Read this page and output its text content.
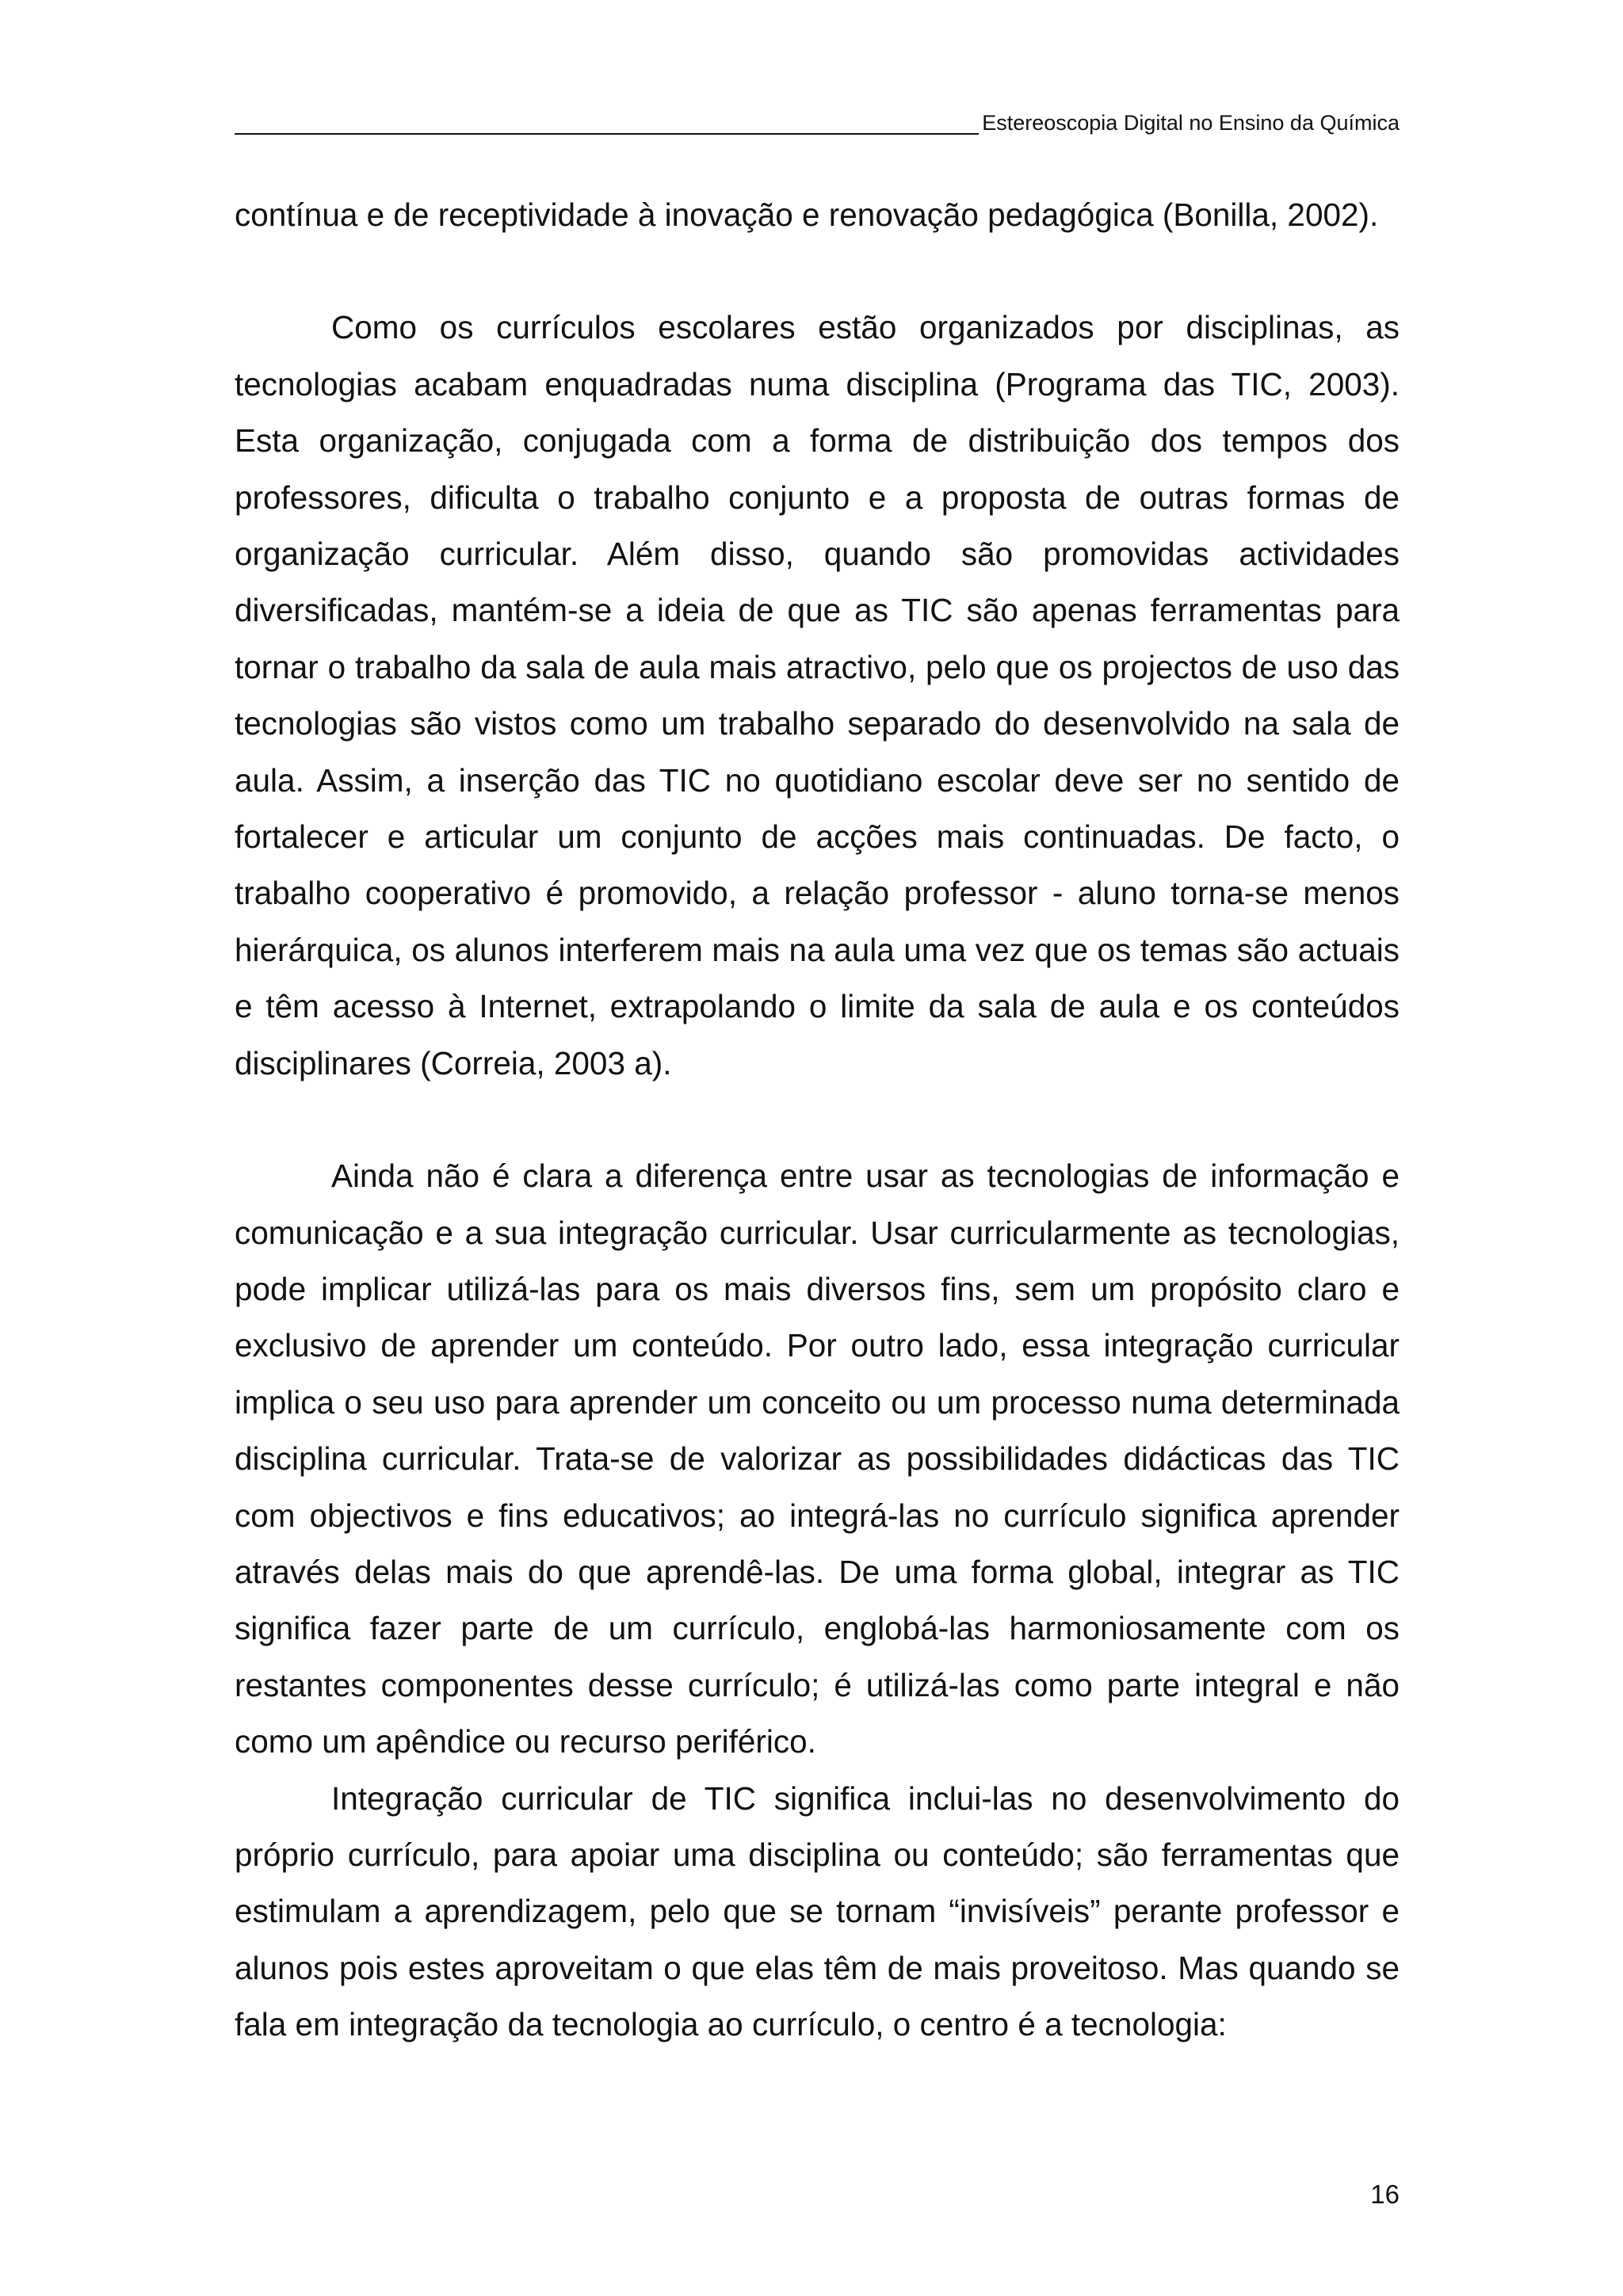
Estereoscopia Digital no Ensino da Química

contínua e de receptividade à inovação e renovação pedagógica (Bonilla, 2002).

Como os currículos escolares estão organizados por disciplinas, as tecnologias acabam enquadradas numa disciplina (Programa das TIC, 2003). Esta organização, conjugada com a forma de distribuição dos tempos dos professores, dificulta o trabalho conjunto e a proposta de outras formas de organização curricular. Além disso, quando são promovidas actividades diversificadas, mantém-se a ideia de que as TIC são apenas ferramentas para tornar o trabalho da sala de aula mais atractivo, pelo que os projectos de uso das tecnologias são vistos como um trabalho separado do desenvolvido na sala de aula. Assim, a inserção das TIC no quotidiano escolar deve ser no sentido de fortalecer e articular um conjunto de acções mais continuadas. De facto, o trabalho cooperativo é promovido, a relação professor - aluno torna-se menos hierárquica, os alunos interferem mais na aula uma vez que os temas são actuais e têm acesso à Internet, extrapolando o limite da sala de aula e os conteúdos disciplinares (Correia, 2003 a).

Ainda não é clara a diferença entre usar as tecnologias de informação e comunicação e a sua integração curricular. Usar curricularmente as tecnologias, pode implicar utilizá-las para os mais diversos fins, sem um propósito claro e exclusivo de aprender um conteúdo. Por outro lado, essa integração curricular implica o seu uso para aprender um conceito ou um processo numa determinada disciplina curricular. Trata-se de valorizar as possibilidades didácticas das TIC com objectivos e fins educativos; ao integrá-las no currículo significa aprender através delas mais do que aprendê-las. De uma forma global, integrar as TIC significa fazer parte de um currículo, englobá-las harmoniosamente com os restantes componentes desse currículo; é utilizá-las como parte integral e não como um apêndice ou recurso periférico.

Integração curricular de TIC significa inclui-las no desenvolvimento do próprio currículo, para apoiar uma disciplina ou conteúdo; são ferramentas que estimulam a aprendizagem, pelo que se tornam “invisíveis” perante professor e alunos pois estes aproveitam o que elas têm de mais proveitoso. Mas quando se fala em integração da tecnologia ao currículo, o centro é a tecnologia:

16
